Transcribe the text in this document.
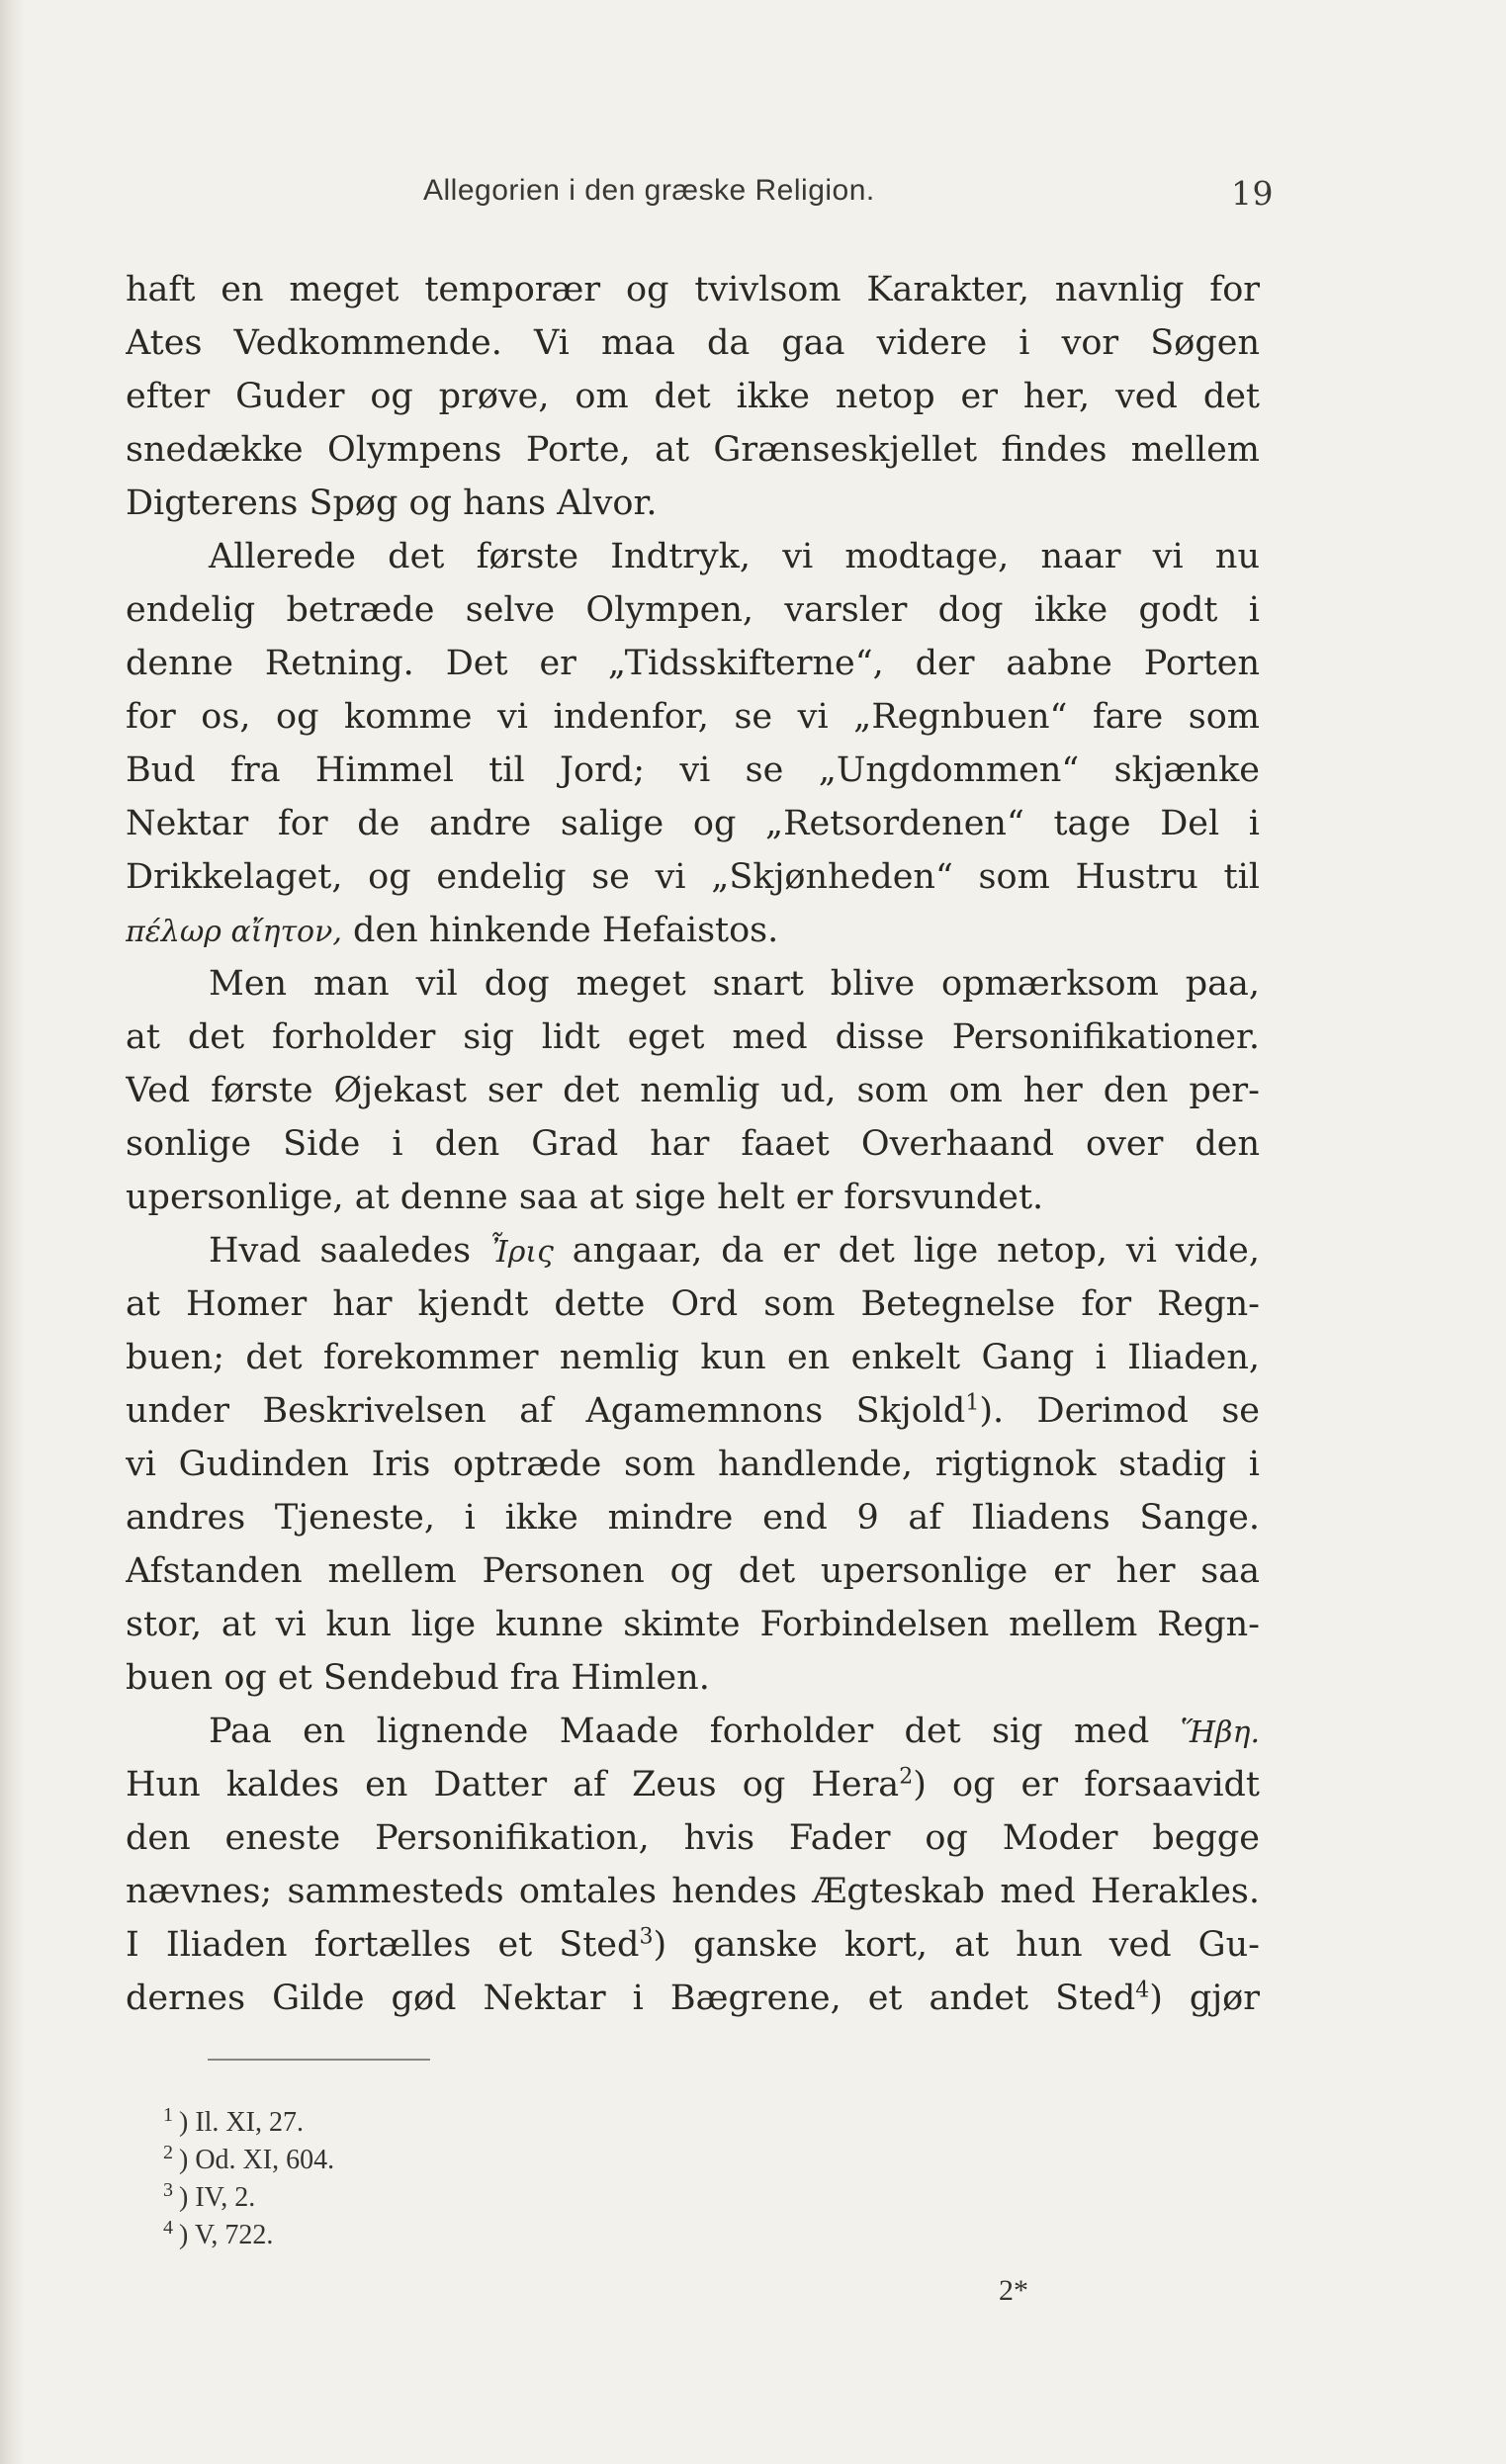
Allegorien i den græske Religion.	19
haft en meget temporær og tvivlsom Karakter, navnlig for
Ates Vedkommende. Vi maa da gaa videre i vor Søgen
efter Guder og prøve, om det ikke netop er her, ved det
snedække Olympens Porte, at Grænseskjellet findes mellem
Digterens Spøg og hans Alvor.
Allerede det første Indtryk, vi modtage, naar vi nu
endelig betræde selve Olympen, varsler dog ikke godt i
denne Retning. Det er „Tidsskifterne“, der aabne Porten
for os, og komme vi indenfor, se vi „Regnbuen“ fare som
Bud fra Himmel til Jord; vi se „Ungdommen“ skjænke
Nektar for de andre salige og „Retsordenen“ tage Del i
Drikkelaget, og endelig se vi „Skjønheden“ som Hustru til
πέλωρ αἴητον, den hinkende Hefaistos.
Men man vil dog meget snart blive opmærksom paa,
at det forholder sig lidt eget med disse Personifikationer.
Ved første Øjekast ser det nemlig ud, som om her den per-
sonlige Side i den Grad har faaet Overhaand over den
upersonlige, at denne saa at sige helt er forsvundet.
Hvad saaledes Ἶρις angaar, da er det lige netop, vi vide,
at Homer har kjendt dette Ord som Betegnelse for Regn-
buen; det forekommer nemlig kun en enkelt Gang i Iliaden,
under Beskrivelsen af Agamemnons Skjold$^1$). Derimod se
vi Gudinden Iris optræde som handlende, rigtignok stadig i
andres Tjeneste, i ikke mindre end 9 af Iliadens Sange.
Afstanden mellem Personen og det upersonlige er her saa
stor, at vi kun lige kunne skimte Forbindelsen mellem Regn-
buen og et Sendebud fra Himlen.
Paa en lignende Maade forholder det sig med Ἥβη.
Hun kaldes en Datter af Zeus og Hera$^2$) og er forsaavidt
den eneste Personifikation, hvis Fader og Moder begge
nævnes; sammesteds omtales hendes Ægteskab med Herakles.
I Iliaden fortælles et Sted$^3$) ganske kort, at hun ved Gu-
dernes Gilde gød Nektar i Bægrene, et andet Sted$^4$) gjør
$^1$ ) Il. XI, 27.
$^2$ ) Od. XI, 604.
$^3$ ) IV, 2.
$^4$ ) V, 722.
2*
